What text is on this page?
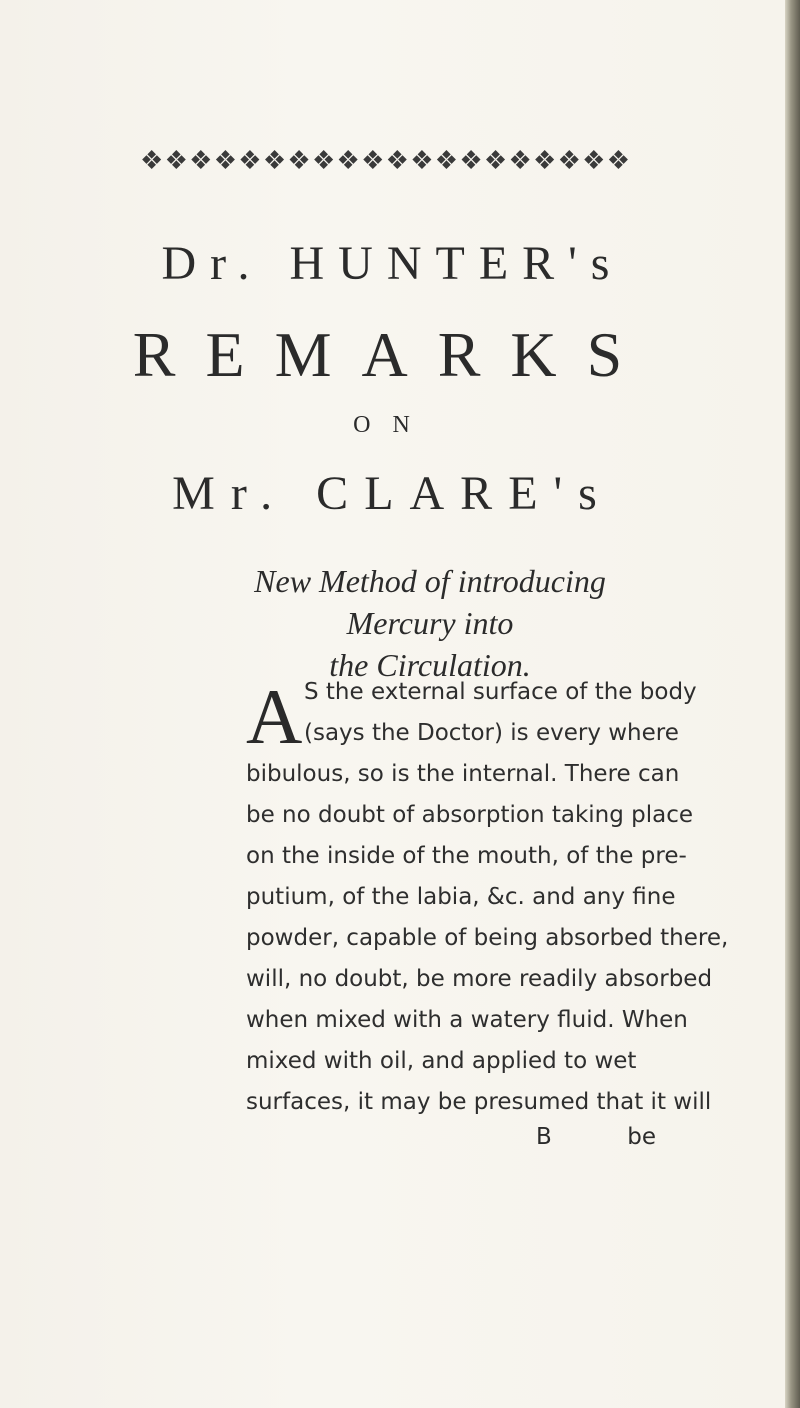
❖ ❖ ❖ ❖ ❖ ❖ ❖ ❖ ❖ ❖ ❖ ❖ ❖ ❖ ❖ ❖ ❖ ❖ ❖ ❖
Dr. HUNTER's
REMARKS
ON
Mr. CLARE's
New Method of introducing Mercury into
the Circulation.
A S the external surface of the body
(says the Doctor) is every where
bibulous, so is the internal. There can
be no doubt of absorption taking place
on the inside of the mouth, of the pre-
putium, of the labia, &c. and any fine
powder, capable of being absorbed there,
will, no doubt, be more readily absorbed
when mixed with a watery fluid. When
mixed with oil, and applied to wet
surfaces, it may be presumed that it will
B	be
